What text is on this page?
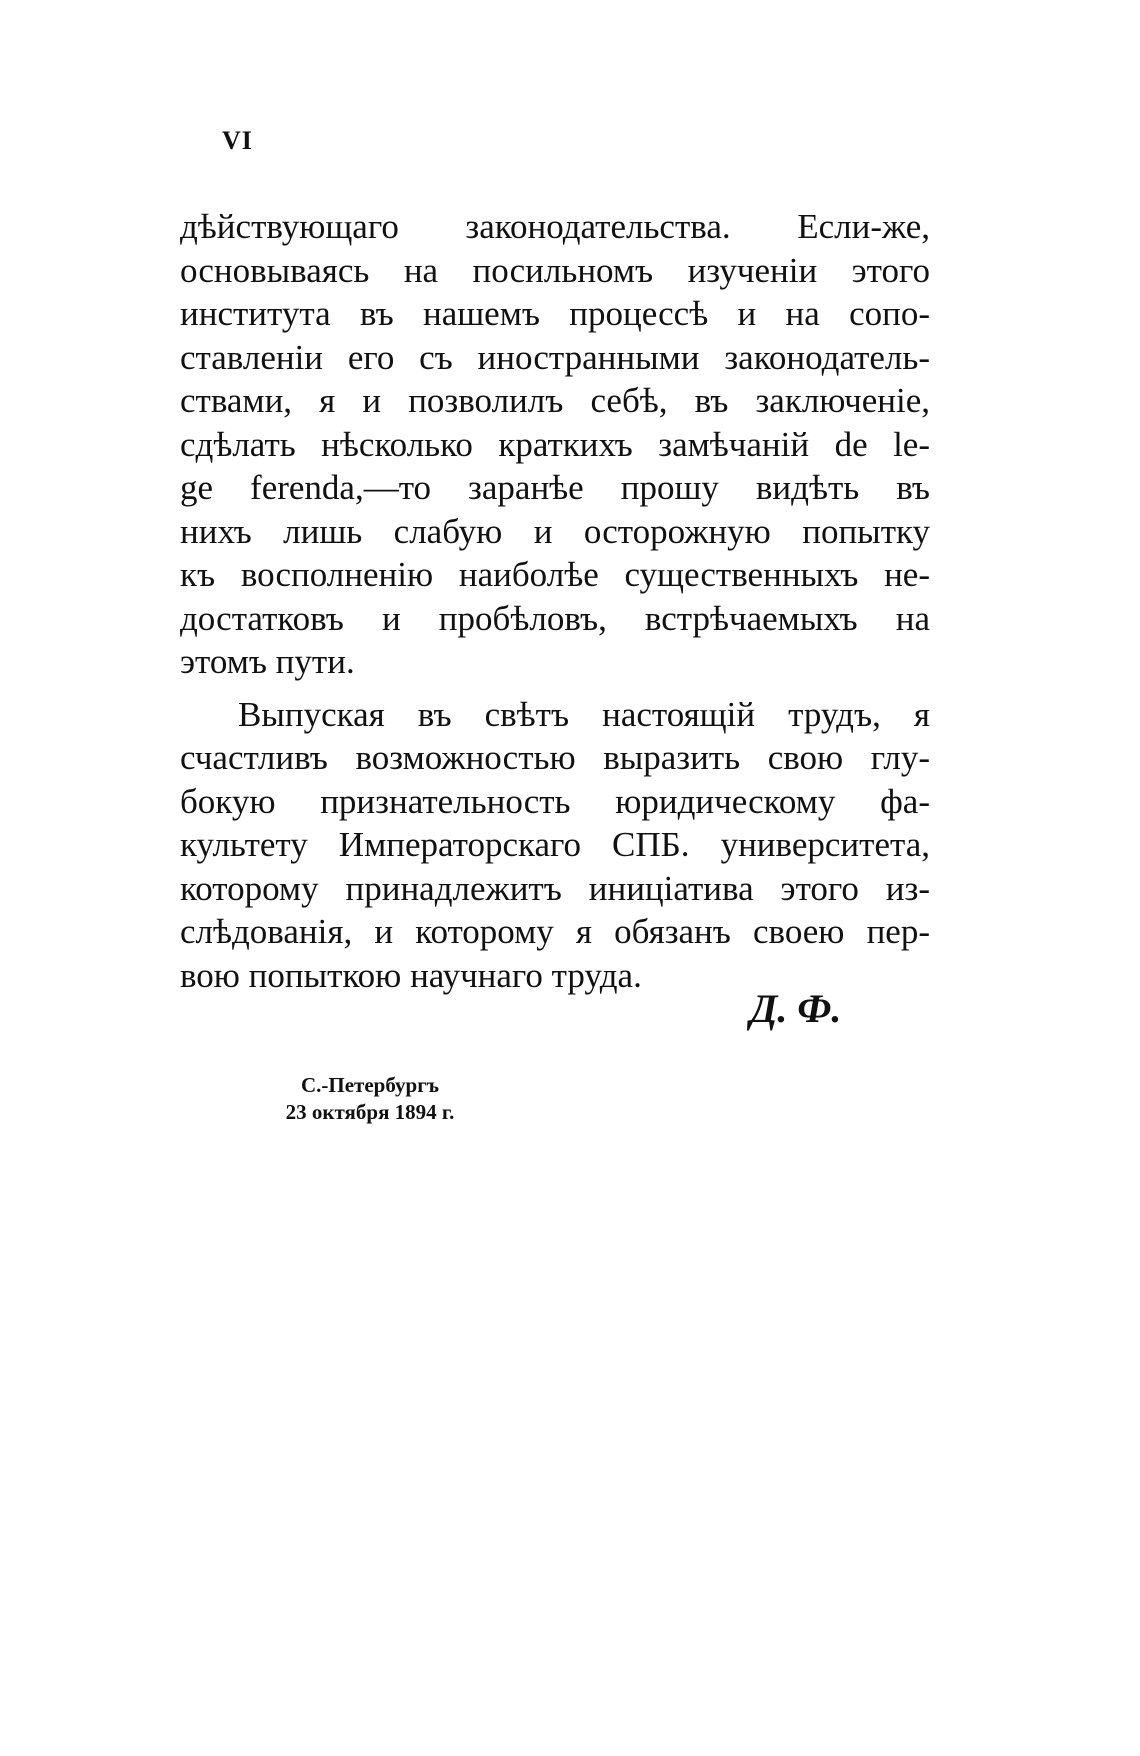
VI
дѣйствующаго законодательства. Если-же,
основываясь на посильномъ изученіи этого
института въ нашемъ процессѣ и на сопо-
ставленіи его съ иностранными законодатель-
ствами, я и позволилъ себѣ, въ заключеніе,
сдѣлать нѣсколько краткихъ замѣчаній de le-
ge ferenda,—то заранѣе прошу видѣть въ
нихъ лишь слабую и осторожную попытку
къ восполненію наиболѣе существенныхъ не-
достатковъ и пробѣловъ, встрѣчаемыхъ на
этомъ пути.
Выпуская въ свѣтъ настоящій трудъ, я
счастливъ возможностью выразить свою глу-
бокую признательность юридическому фа-
культету Императорскаго СПБ. университета,
которому принадлежитъ иниціатива этого из-
слѣдованія, и которому я обязанъ своею пер-
вою попыткою научнаго труда.
Д. Ф.
С.-Петербургъ
23 октября 1894 г.
